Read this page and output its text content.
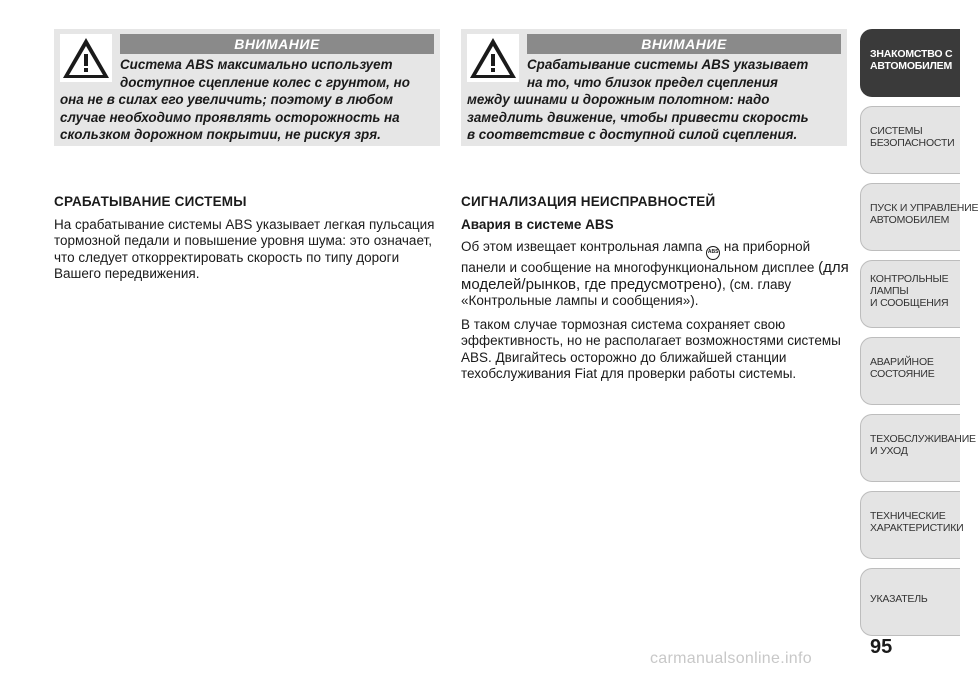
ВНИМАНИЕ
Система ABS максимально использует
доступное сцепление колес с грунтом, но
она не в силах его увеличить; поэтому в любом
случае необходимо проявлять осторожность на
скользком дорожном покрытии, не рискуя зря.
ВНИМАНИЕ
Срабатывание системы ABS указывает
на то, что близок предел сцепления
между шинами и дорожным полотном: надо
замедлить движение, чтобы привести скорость
в соответствие с доступной силой сцепления.
СРАБАТЫВАНИЕ СИСТЕМЫ

На срабатывание системы ABS указывает легкая пульсация тормозной педали и повышение уровня шума: это означает, что следует откорректировать скорость по типу дороги Вашего передвижения.

СИГНАЛИЗАЦИЯ НЕИСПРАВНОСТЕЙ
Авария в системе ABS

Об этом извещает контрольная лампа ABS на приборной панели и сообщение на многофункциональном дисплее (для моделей/рынков, где предусмотрено), (см. главу «Контрольные лампы и сообщения»).

В таком случае тормозная система сохраняет свою эффективность, но не располагает возможностями системы ABS. Двигайтесь осторожно до ближайшей станции техобслуживания Fiat для проверки работы системы.

ЗНАКОМСТВО С
АВТОМОБИЛЕМ
СИСТЕМЫ
БЕЗОПАСНОСТИ
ПУСК И УПРАВЛЕНИЕ
АВТОМОБИЛЕМ
КОНТРОЛЬНЫЕ
ЛАМПЫ
И СООБЩЕНИЯ
АВАРИЙНОЕ
СОСТОЯНИЕ
ТЕХОБСЛУЖИВАНИЕ
И УХОД
ТЕХНИЧЕСКИЕ
ХАРАКТЕРИСТИКИ
УКАЗАТЕЛЬ
95
carmanualsonline.info
